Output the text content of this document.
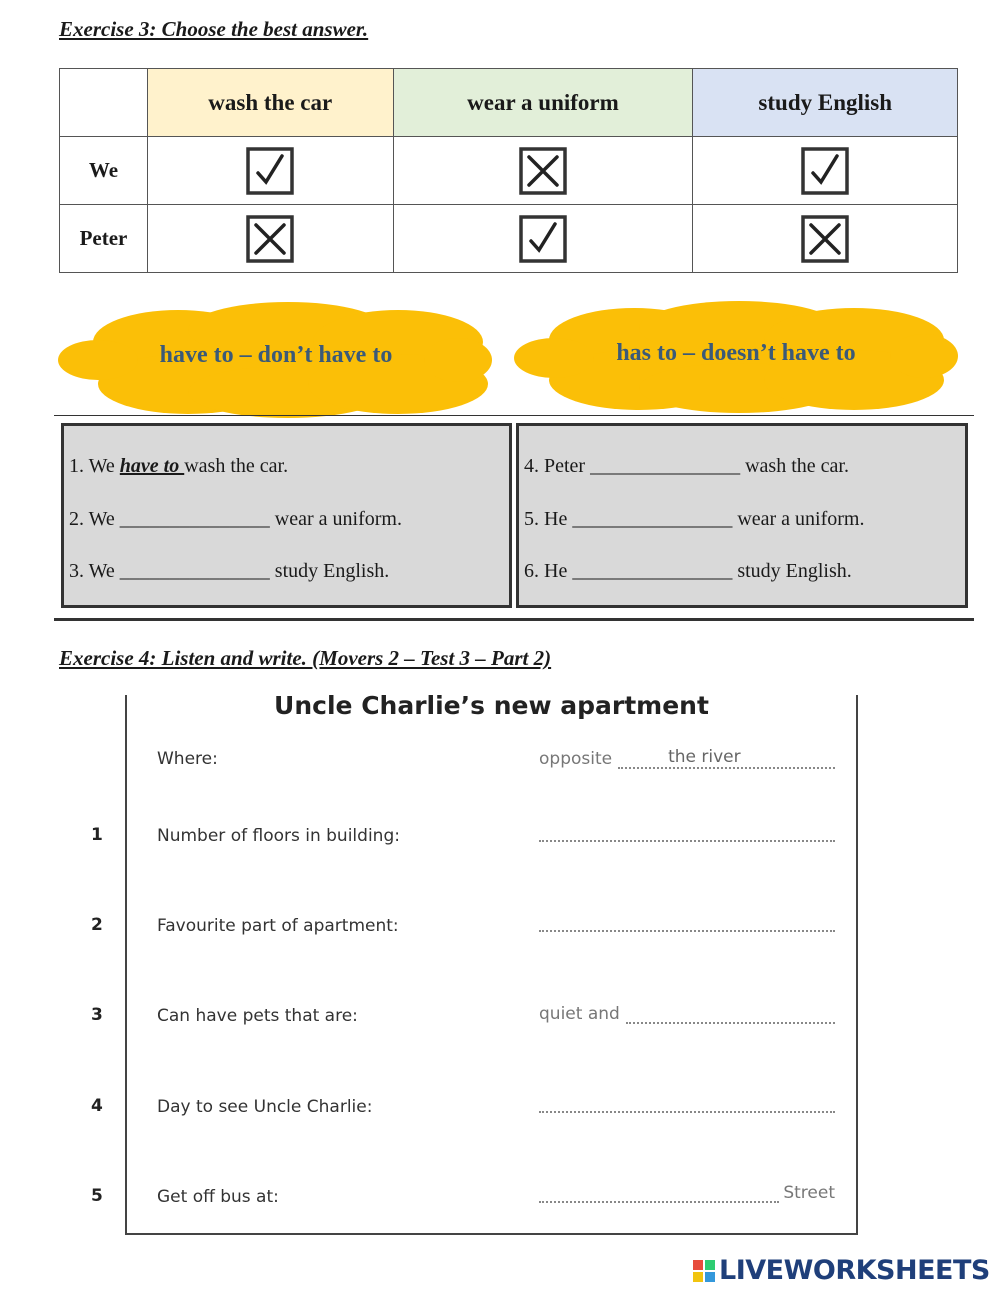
Exercise 3: Choose the best answer.
	wash the car	wear a uniform	study English
We			
Peter			
have to – don’t have to	has to – doesn’t have to
1. We have to wash the car.
2. We _______________ wear a uniform.
3. We _______________ study English.
4. Peter _______________ wash the car.
5. He ________________ wear a uniform.
6. He ________________ study English.
Exercise 4: Listen and write. (Movers 2 – Test 3 – Part 2)
Uncle Charlie’s new apartment
Where:	opposite	the river
1	Number of floors in building:
2	Favourite part of apartment:
3	Can have pets that are:	quiet and
4	Day to see Uncle Charlie:
5	Get off bus at:	Street
LIVEWORKSHEETS
